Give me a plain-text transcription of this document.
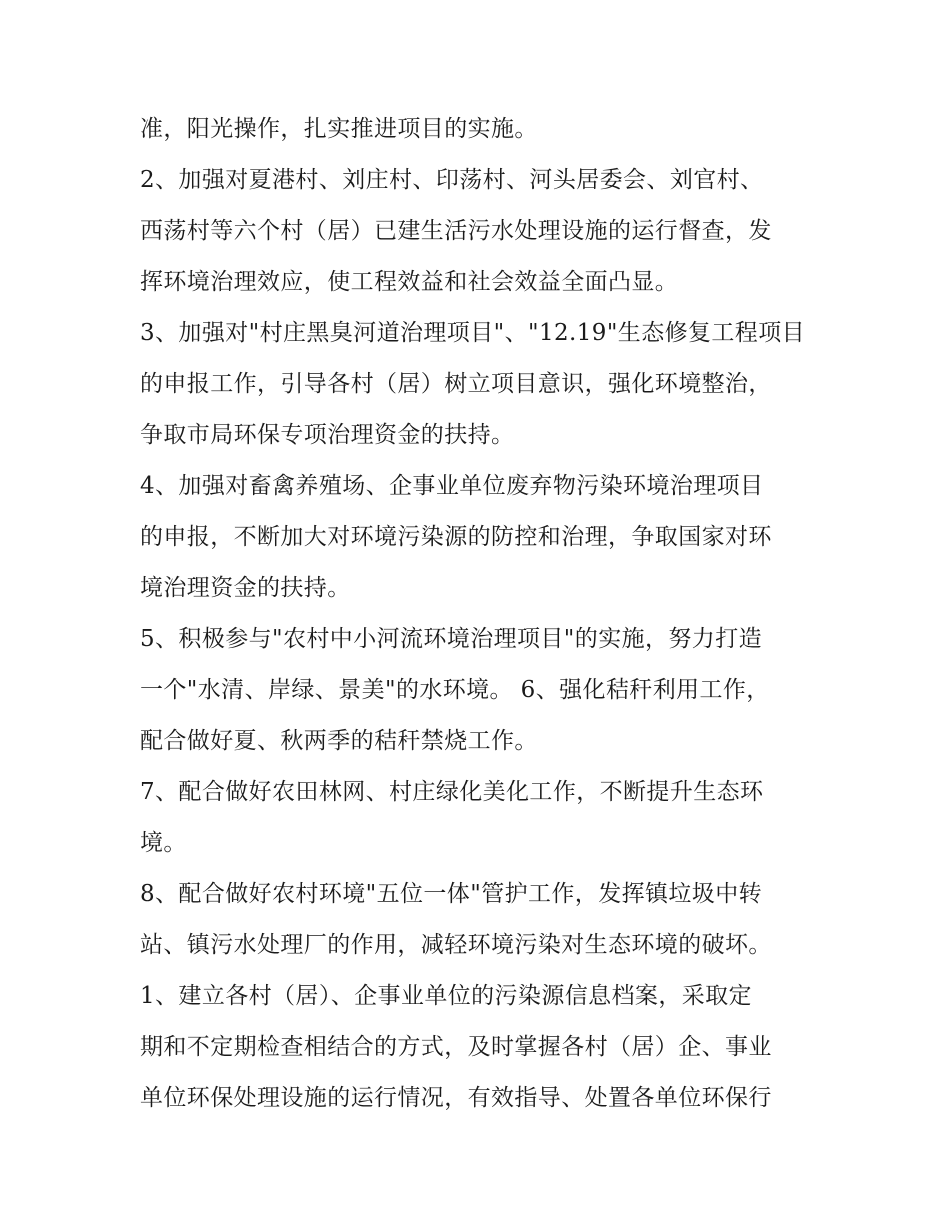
准，阳光操作，扎实推进项目的实施。
2、加强对夏港村、刘庄村、印荡村、河头居委会、刘官村、
西荡村等六个村（居）已建生活污水处理设施的运行督查，发
挥环境治理效应，使工程效益和社会效益全面凸显。
3、加强对"村庄黑臭河道治理项目"、"12.19"生态修复工程项目
的申报工作，引导各村（居）树立项目意识，强化环境整治，
争取市局环保专项治理资金的扶持。
4、加强对畜禽养殖场、企事业单位废弃物污染环境治理项目
的申报，不断加大对环境污染源的防控和治理，争取国家对环
境治理资金的扶持。
5、积极参与"农村中小河流环境治理项目"的实施，努力打造
一个"水清、岸绿、景美"的水环境。 6、强化秸秆利用工作，
配合做好夏、秋两季的秸秆禁烧工作。
7、配合做好农田林网、村庄绿化美化工作，不断提升生态环
境。
8、配合做好农村环境"五位一体"管护工作，发挥镇垃圾中转
站、镇污水处理厂的作用，减轻环境污染对生态环境的破坏。
1、建立各村（居）、企事业单位的污染源信息档案，采取定
期和不定期检查相结合的方式，及时掌握各村（居）企、事业
单位环保处理设施的运行情况，有效指导、处置各单位环保行
